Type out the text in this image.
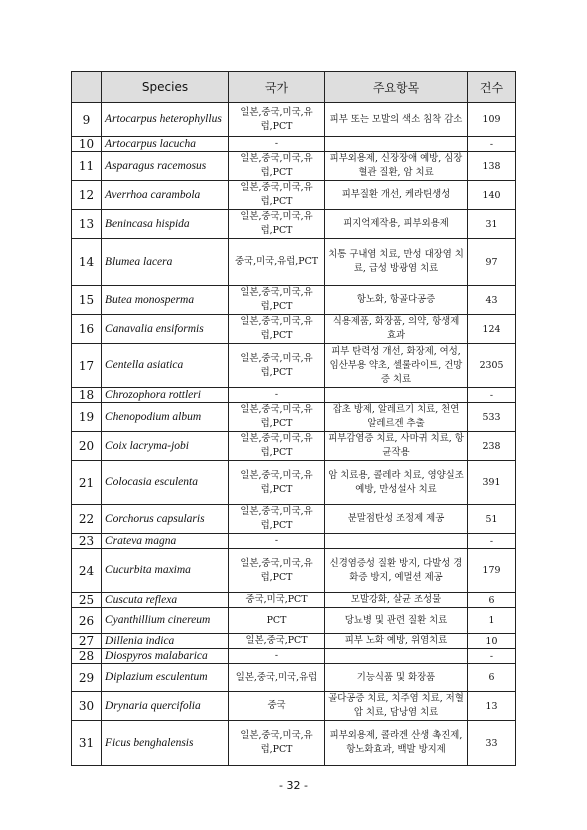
	Species	국가	주요항목	건수
9	Artocarpus heterophyllus	일본,중국,미국,유럽,PCT	피부 또는 모발의 색소 침착 감소	109
10	Artocarpus lacucha	-		-
11	Asparagus racemosus	일본,중국,미국,유럽,PCT	피부외용제, 신장장애 예방, 심장혈관 질환, 암 치료	138
12	Averrhoa carambola	일본,중국,미국,유럽,PCT	피부질환 개선, 케라틴생성	140
13	Benincasa hispida	일본,중국,미국,유럽,PCT	피지억제작용, 피부외용제	31
14	Blumea lacera	중국,미국,유럽,PCT	치통 구내염 치료, 만성 대장염 치료, 급성 방광염 치료	97
15	Butea monosperma	일본,중국,미국,유럽,PCT	항노화, 항골다공증	43
16	Canavalia ensiformis	일본,중국,미국,유럽,PCT	식용제품, 화장품, 의약, 항생제 효과	124
17	Centella asiatica	일본,중국,미국,유럽,PCT	피부 탄력성 개선, 화장제, 여성, 임산부용 약초, 셀룰라이트, 건망증 치료	2305
18	Chrozophora rottleri	-		-
19	Chenopodium album	일본,중국,미국,유럽,PCT	잡초 방제, 알레르기 치료, 천연 알레르겐 추출	533
20	Coix lacryma-jobi	일본,중국,미국,유럽,PCT	피부감염증 치료, 사마귀 치료, 항균작용	238
21	Colocasia esculenta	일본,중국,미국,유럽,PCT	암 치료용, 콜레라 치료, 영양실조 예방, 만성설사 치료	391
22	Corchorus capsularis	일본,중국,미국,유럽,PCT	분말점탄성 조정제 제공	51
23	Crateva magna	-		-
24	Cucurbita maxima	일본,중국,미국,유럽,PCT	신경염증성 질환 방지, 다발성 경화증 방지, 예멀션 제공	179
25	Cuscuta reflexa	중국,미국,PCT	모발강화, 살균 조성물	6
26	Cyanthillium cinereum	PCT	당뇨병 및 관련 질환 치료	1
27	Dillenia indica	일본,중국,PCT	피부 노화 예방, 위염치료	10
28	Diospyros malabarica	-		-
29	Diplazium esculentum	일본,중국,미국,유럽	기능식품 및 화장품	6
30	Drynaria quercifolia	중국	골다공증 치료, 치주염 치료, 저혈압 치료, 담낭염 치료	13
31	Ficus benghalensis	일본,중국,미국,유럽,PCT	피부외용제, 콜라겐 산생 촉진제, 항노화효과, 백발 방지제	33
- 32 -
